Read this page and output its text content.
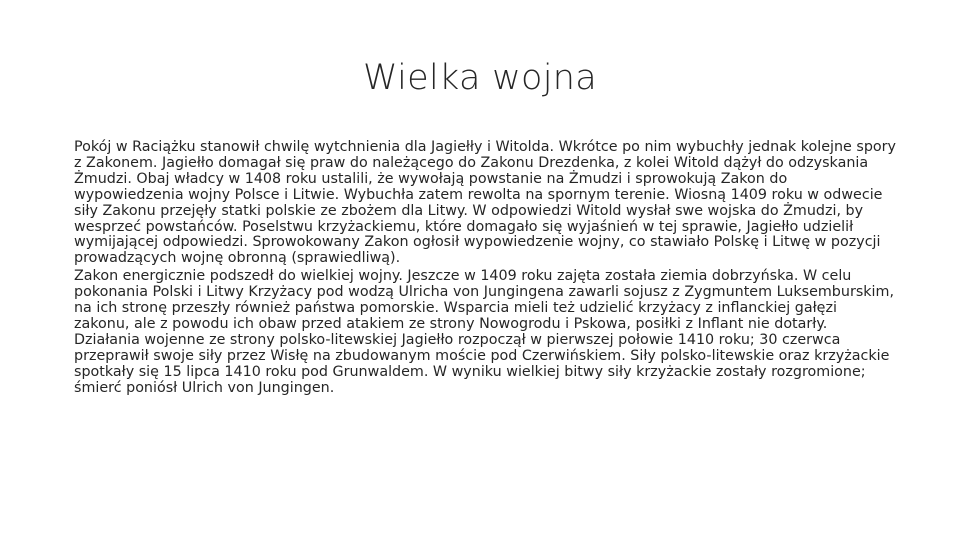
Wielka wojna

Pokój w Raciążku stanowił chwilę wytchnienia dla Jagiełły i Witolda. Wkrótce po nim wybuchły jednak kolejne spory z Zakonem. Jagiełło domagał się praw do należącego do Zakonu Drezdenka, z kolei Witold dążył do odzyskania Żmudzi. Obaj władcy w 1408 roku ustalili, że wywołają powstanie na Żmudzi i sprowokują Zakon do wypowiedzenia wojny Polsce i Litwie. Wybuchła zatem rewolta na spornym terenie. Wiosną 1409 roku w odwecie siły Zakonu przejęły statki polskie ze zbożem dla Litwy. W odpowiedzi Witold wysłał swe wojska do Żmudzi, by wesprzeć powstańców. Poselstwu krzyżackiemu, które domagało się wyjaśnień w tej sprawie, Jagiełło udzielił wymijającej odpowiedzi. Sprowokowany Zakon ogłosił wypowiedzenie wojny, co stawiało Polskę i Litwę w pozycji prowadzących wojnę obronną (sprawiedliwą).

Zakon energicznie podszedł do wielkiej wojny. Jeszcze w 1409 roku zajęta została ziemia dobrzyńska. W celu pokonania Polski i Litwy Krzyżacy pod wodzą Ulricha von Jungingena zawarli sojusz z Zygmuntem Luksemburskim, na ich stronę przeszły również państwa pomorskie. Wsparcia mieli też udzielić krzyżacy z inflanckiej gałęzi zakonu, ale z powodu ich obaw przed atakiem ze strony Nowogrodu i Pskowa, posiłki z Inflant nie dotarły. Działania wojenne ze strony polsko-litewskiej Jagiełło rozpoczął w pierwszej połowie 1410 roku; 30 czerwca przeprawił swoje siły przez Wisłę na zbudowanym moście pod Czerwińskiem. Siły polsko-litewskie oraz krzyżackie spotkały się 15 lipca 1410 roku pod Grunwaldem. W wyniku wielkiej bitwy siły krzyżackie zostały rozgromione; śmierć poniósł Ulrich von Jungingen.
